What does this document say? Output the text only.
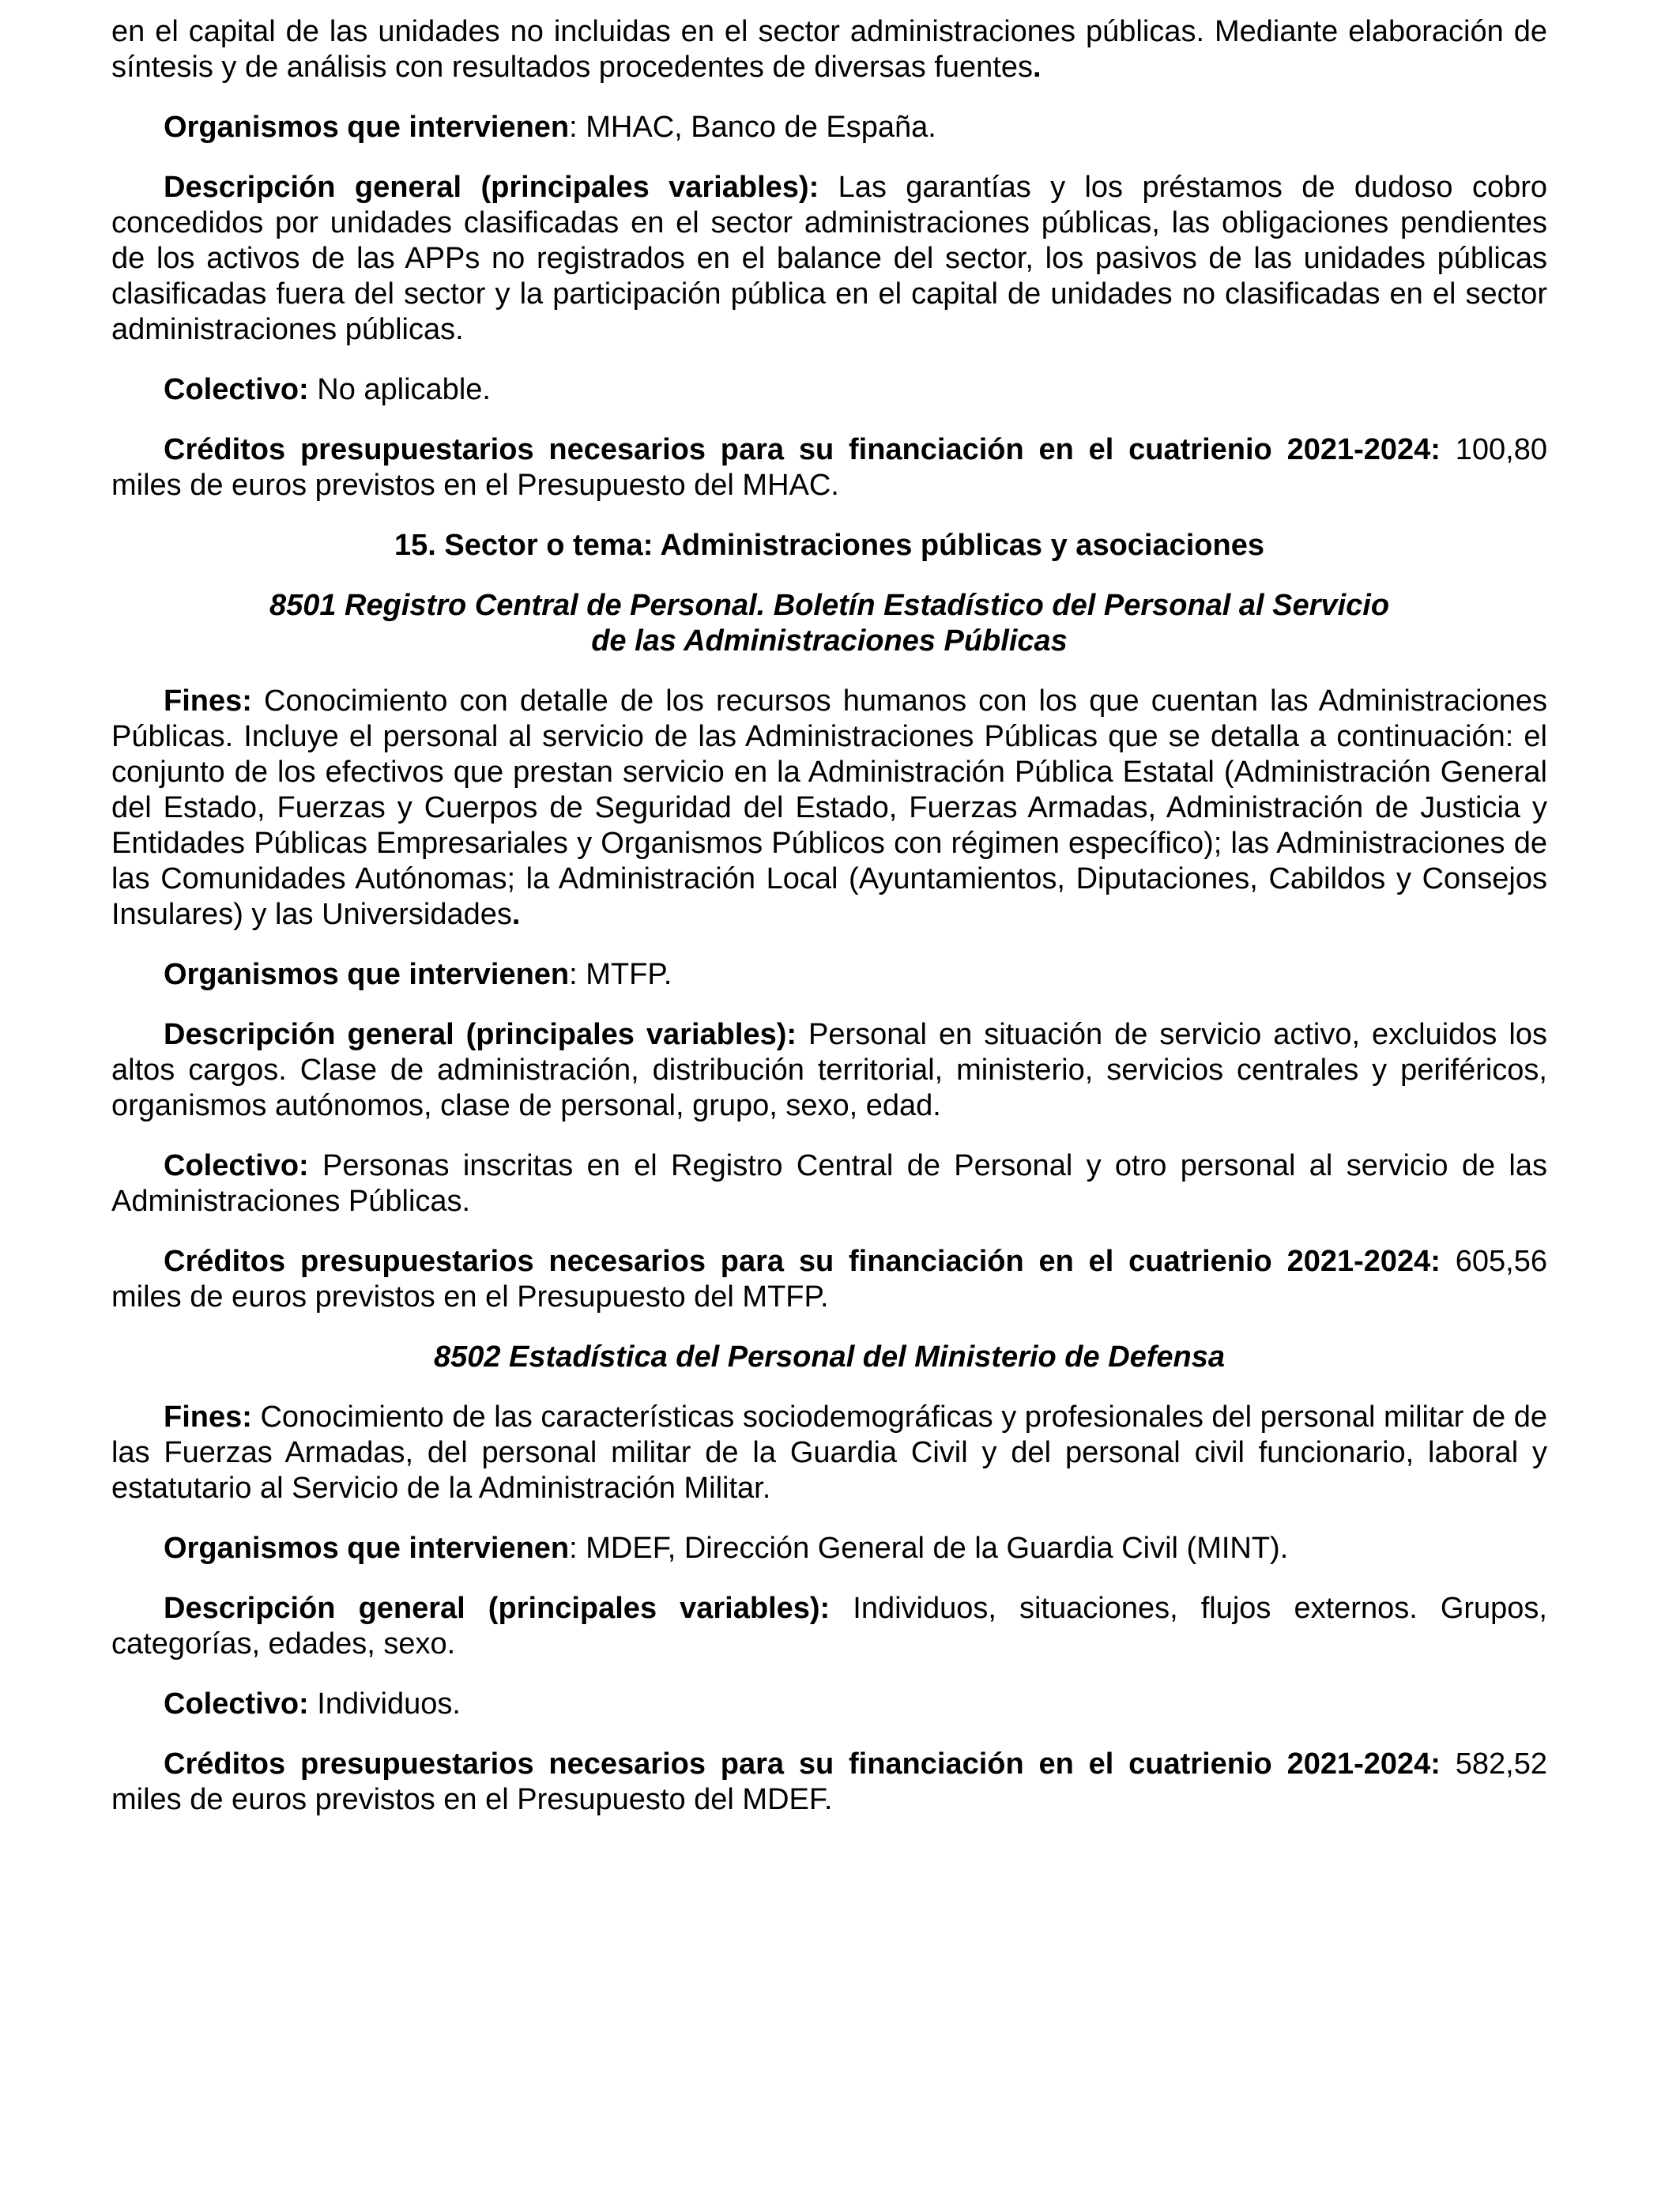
en el capital de las unidades no incluidas en el sector administraciones públicas. Mediante elaboración de síntesis y de análisis con resultados procedentes de diversas fuentes.

Organismos que intervienen: MHAC, Banco de España.

Descripción general (principales variables): Las garantías y los préstamos de dudoso cobro concedidos por unidades clasificadas en el sector administraciones públicas, las obligaciones pendientes de los activos de las APPs no registrados en el balance del sector, los pasivos de las unidades públicas clasificadas fuera del sector y la participación pública en el capital de unidades no clasificadas en el sector administraciones públicas.

Colectivo: No aplicable.

Créditos presupuestarios necesarios para su financiación en el cuatrienio 2021-2024: 100,80 miles de euros previstos en el Presupuesto del MHAC.

15. Sector o tema: Administraciones públicas y asociaciones

8501 Registro Central de Personal. Boletín Estadístico del Personal al Servicio de las Administraciones Públicas

Fines: Conocimiento con detalle de los recursos humanos con los que cuentan las Administraciones Públicas. Incluye el personal al servicio de las Administraciones Públicas que se detalla a continuación: el conjunto de los efectivos que prestan servicio en la Administración Pública Estatal (Administración General del Estado, Fuerzas y Cuerpos de Seguridad del Estado, Fuerzas Armadas, Administración de Justicia y Entidades Públicas Empresariales y Organismos Públicos con régimen específico); las Administraciones de las Comunidades Autónomas; la Administración Local (Ayuntamientos, Diputaciones, Cabildos y Consejos Insulares) y las Universidades.

Organismos que intervienen: MTFP.

Descripción general (principales variables): Personal en situación de servicio activo, excluidos los altos cargos. Clase de administración, distribución territorial, ministerio, servicios centrales y periféricos, organismos autónomos, clase de personal, grupo, sexo, edad.

Colectivo: Personas inscritas en el Registro Central de Personal y otro personal al servicio de las Administraciones Públicas.

Créditos presupuestarios necesarios para su financiación en el cuatrienio 2021-2024: 605,56 miles de euros previstos en el Presupuesto del MTFP.

8502 Estadística del Personal del Ministerio de Defensa

Fines: Conocimiento de las características sociodemográficas y profesionales del personal militar de de las Fuerzas Armadas, del personal militar de la Guardia Civil y del personal civil funcionario, laboral y estatutario al Servicio de la Administración Militar.

Organismos que intervienen: MDEF, Dirección General de la Guardia Civil (MINT).

Descripción general (principales variables): Individuos, situaciones, flujos externos. Grupos, categorías, edades, sexo.

Colectivo: Individuos.

Créditos presupuestarios necesarios para su financiación en el cuatrienio 2021-2024: 582,52 miles de euros previstos en el Presupuesto del MDEF.
